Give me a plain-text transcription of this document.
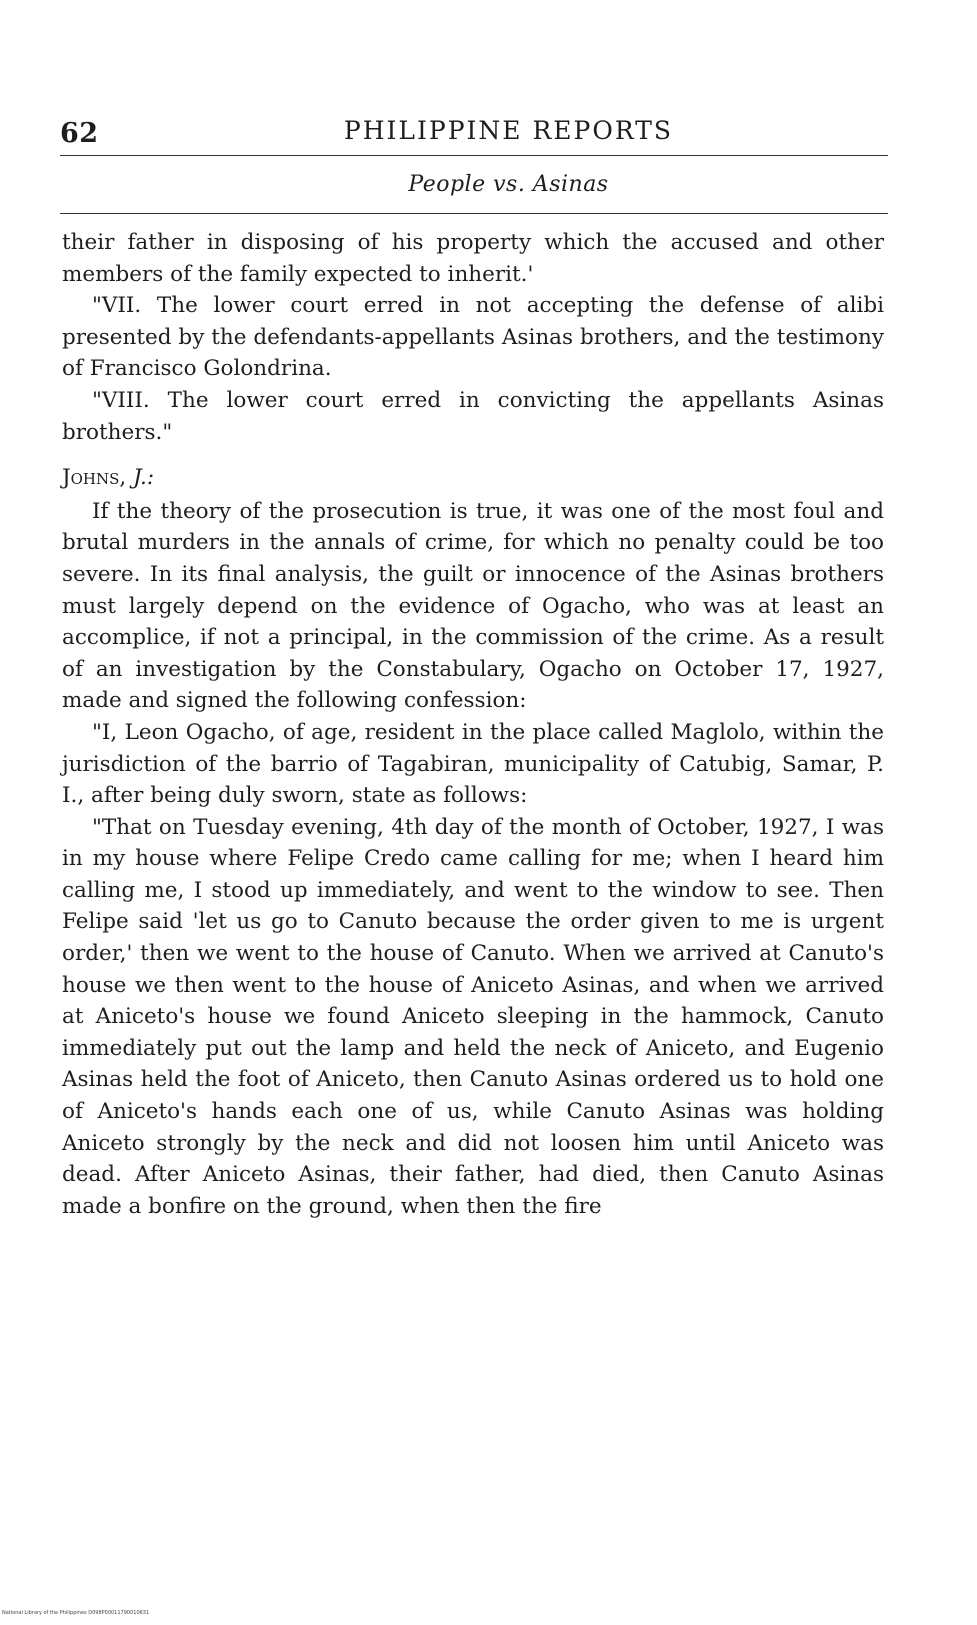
62	PHILIPPINE REPORTS
People vs. Asinas

their father in disposing of his property which the accused and other members of the family expected to inherit.'

"VII. The lower court erred in not accepting the defense of alibi presented by the defendants-appellants Asinas brothers, and the testimony of Francisco Golondrina.

"VIII. The lower court erred in convicting the appellants Asinas brothers."

Johns, J.:

If the theory of the prosecution is true, it was one of the most foul and brutal murders in the annals of crime, for which no penalty could be too severe. In its final analysis, the guilt or innocence of the Asinas brothers must largely depend on the evidence of Ogacho, who was at least an accomplice, if not a principal, in the commission of the crime. As a result of an investigation by the Constabulary, Ogacho on October 17, 1927, made and signed the following confession:

"I, Leon Ogacho, of age, resident in the place called Maglolo, within the jurisdiction of the barrio of Tagabiran, municipality of Catubig, Samar, P. I., after being duly sworn, state as follows:

"That on Tuesday evening, 4th day of the month of October, 1927, I was in my house where Felipe Credo came calling for me; when I heard him calling me, I stood up immediately, and went to the window to see. Then Felipe said 'let us go to Canuto because the order given to me is urgent order,' then we went to the house of Canuto. When we arrived at Canuto's house we then went to the house of Aniceto Asinas, and when we arrived at Aniceto's house we found Aniceto sleeping in the hammock, Canuto immediately put out the lamp and held the neck of Aniceto, and Eugenio Asinas held the foot of Aniceto, then Canuto Asinas ordered us to hold one of Aniceto's hands each one of us, while Canuto Asinas was holding Aniceto strongly by the neck and did not loosen him until Aniceto was dead. After Aniceto Asinas, their father, had died, then Canuto Asinas made a bonfire on the ground, when then the fire

National Library of the Philippines D098P00011790010631
